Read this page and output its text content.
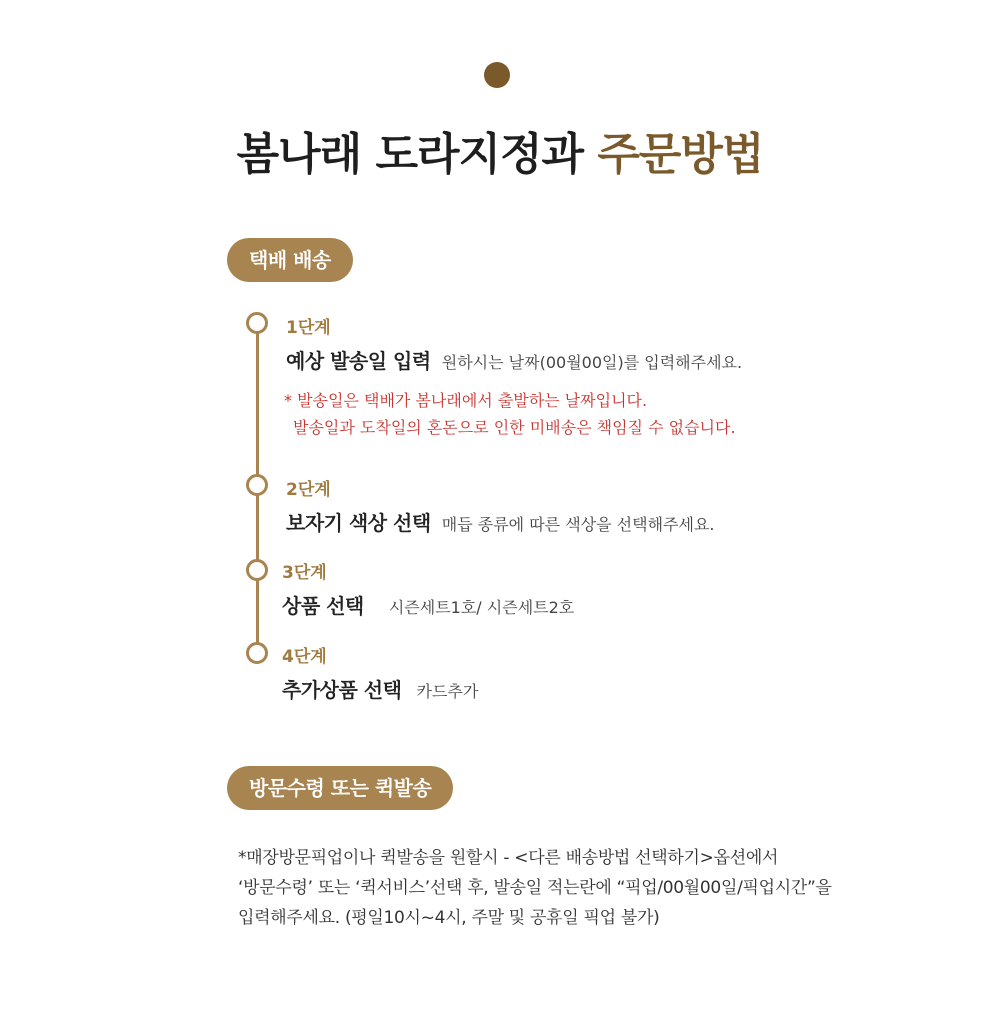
봄나래 도라지정과 주문방법
택배 배송
1단계
예상 발송일 입력 원하시는 날짜(00월00일)를 입력해주세요.
* 발송일은 택배가 봄나래에서 출발하는 날짜입니다.
발송일과 도착일의 혼돈으로 인한 미배송은 책임질 수 없습니다.
2단계
보자기 색상 선택 매듭 종류에 따른 색상을 선택해주세요.
3단계
상품 선택 시즌세트1호/ 시즌세트2호
4단계
추가상품 선택 카드추가
방문수령 또는 퀵발송
*매장방문픽업이나 퀵발송을 원할시 - <다른 배송방법 선택하기>옵션에서
‘방문수령’ 또는 ‘퀵서비스’선택 후, 발송일 적는란에 “픽업/00월00일/픽업시간”을
입력해주세요. (평일10시~4시, 주말 및 공휴일 픽업 불가)
